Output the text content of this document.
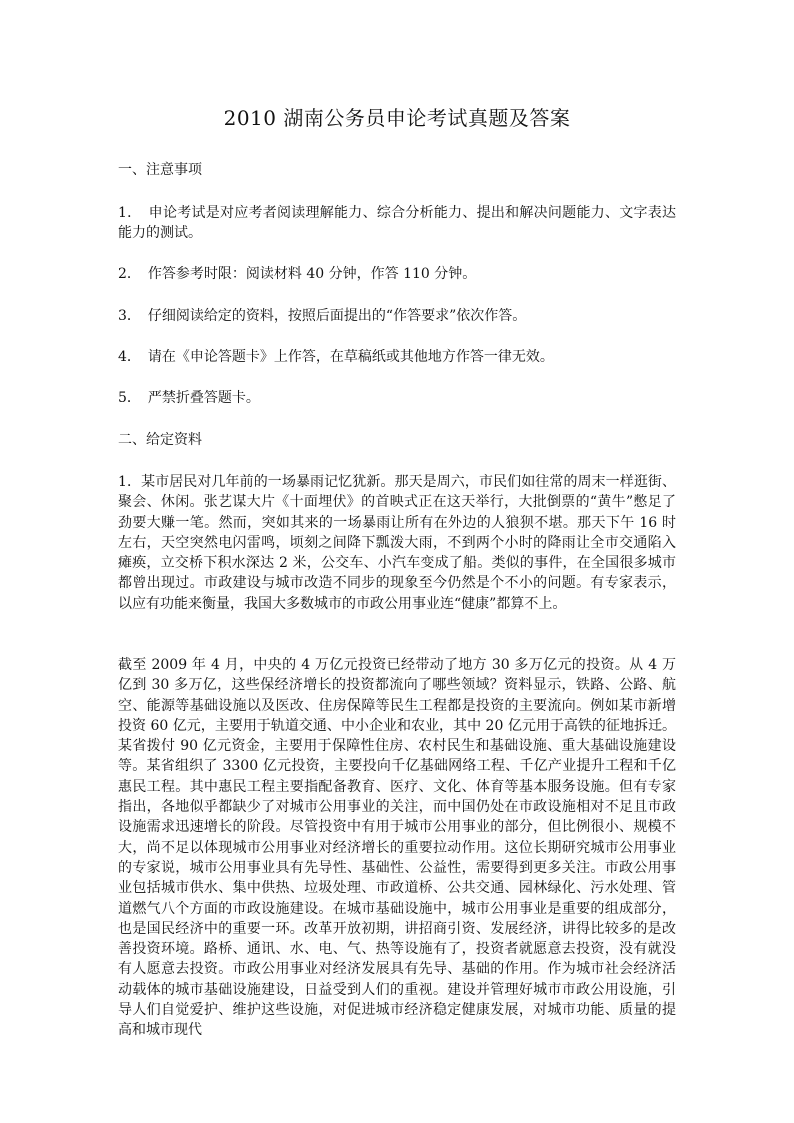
2010 湖南公务员申论考试真题及答案

一、注意事项

1．　申论考试是对应考者阅读理解能力、综合分析能力、提出和解决问题能力、文字表达能力的测试。

2．　作答参考时限：阅读材料 40 分钟，作答 110 分钟。

3．　仔细阅读给定的资料，按照后面提出的“作答要求”依次作答。

4．　请在《申论答题卡》上作答，在草稿纸或其他地方作答一律无效。

5．　严禁折叠答题卡。

二、给定资料

1．某市居民对几年前的一场暴雨记忆犹新。那天是周六，市民们如往常的周末一样逛街、聚会、休闲。张艺谋大片《十面埋伏》的首映式正在这天举行，大批倒票的“黄牛”憋足了劲要大赚一笔。然而，突如其来的一场暴雨让所有在外边的人狼狈不堪。那天下午 16 时左右，天空突然电闪雷鸣，顷刻之间降下瓢泼大雨，不到两个小时的降雨让全市交通陷入瘫痪，立交桥下积水深达 2 米，公交车、小汽车变成了船。类似的事件，在全国很多城市都曾出现过。市政建设与城市改造不同步的现象至今仍然是个不小的问题。有专家表示，以应有功能来衡量，我国大多数城市的市政公用事业连“健康”都算不上。

截至 2009 年 4 月，中央的 4 万亿元投资已经带动了地方 30 多万亿元的投资。从 4 万亿到 30 多万亿，这些保经济增长的投资都流向了哪些领域？资料显示，铁路、公路、航空、能源等基础设施以及医改、住房保障等民生工程都是投资的主要流向。例如某市新增投资 60 亿元，主要用于轨道交通、中小企业和农业，其中 20 亿元用于高铁的征地拆迁。某省拨付 90 亿元资金，主要用于保障性住房、农村民生和基础设施、重大基础设施建设等。某省组织了 3300 亿元投资，主要投向千亿基础网络工程、千亿产业提升工程和千亿惠民工程。其中惠民工程主要指配备教育、医疗、文化、体育等基本服务设施。但有专家指出，各地似乎都缺少了对城市公用事业的关注，而中国仍处在市政设施相对不足且市政设施需求迅速增长的阶段。尽管投资中有用于城市公用事业的部分，但比例很小、规模不大，尚不足以体现城市公用事业对经济增长的重要拉动作用。这位长期研究城市公用事业的专家说，城市公用事业具有先导性、基础性、公益性，需要得到更多关注。市政公用事业包括城市供水、集中供热、垃圾处理、市政道桥、公共交通、园林绿化、污水处理、管道燃气八个方面的市政设施建设。在城市基础设施中，城市公用事业是重要的组成部分，也是国民经济中的重要一环。改革开放初期，讲招商引资、发展经济，讲得比较多的是改善投资环境。路桥、通讯、水、电、气、热等设施有了，投资者就愿意去投资，没有就没有人愿意去投资。市政公用事业对经济发展具有先导、基础的作用。作为城市社会经济活动载体的城市基础设施建设，日益受到人们的重视。建设并管理好城市市政公用设施，引导人们自觉爱护、维护这些设施，对促进城市经济稳定健康发展，对城市功能、质量的提高和城市现代
